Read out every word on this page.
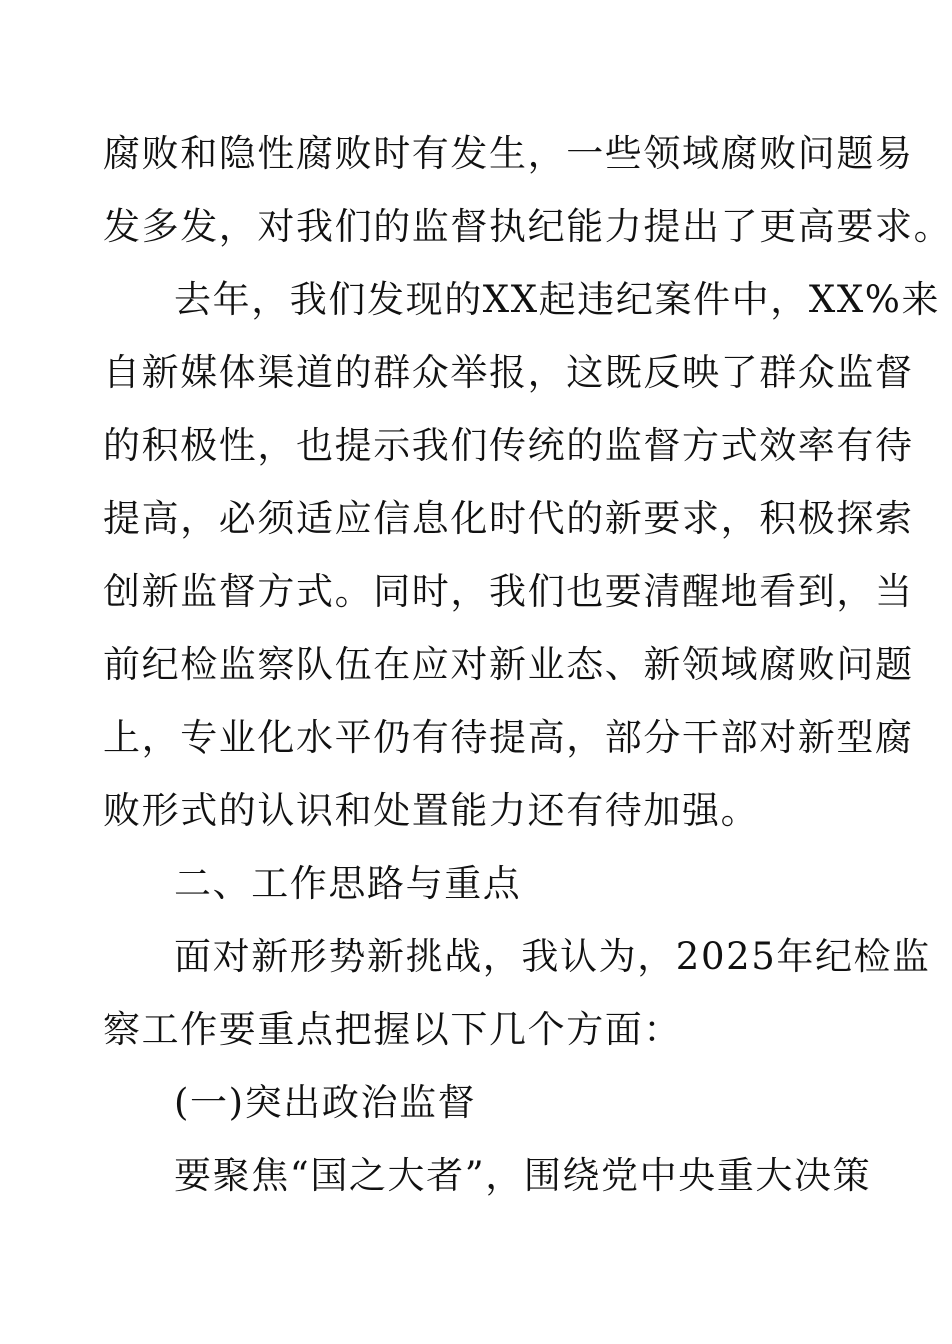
腐败和隐性腐败时有发生，一些领域腐败问题易
发多发，对我们的监督执纪能力提出了更高要求。
去年，我们发现的XX起违纪案件中，XX%来
自新媒体渠道的群众举报，这既反映了群众监督
的积极性，也提示我们传统的监督方式效率有待
提高，必须适应信息化时代的新要求，积极探索
创新监督方式。同时，我们也要清醒地看到，当
前纪检监察队伍在应对新业态、新领域腐败问题
上，专业化水平仍有待提高，部分干部对新型腐
败形式的认识和处置能力还有待加强。
二、工作思路与重点
面对新形势新挑战，我认为，2025年纪检监
察工作要重点把握以下几个方面：
(一)突出政治监督
要聚焦“国之大者”，围绕党中央重大决策
